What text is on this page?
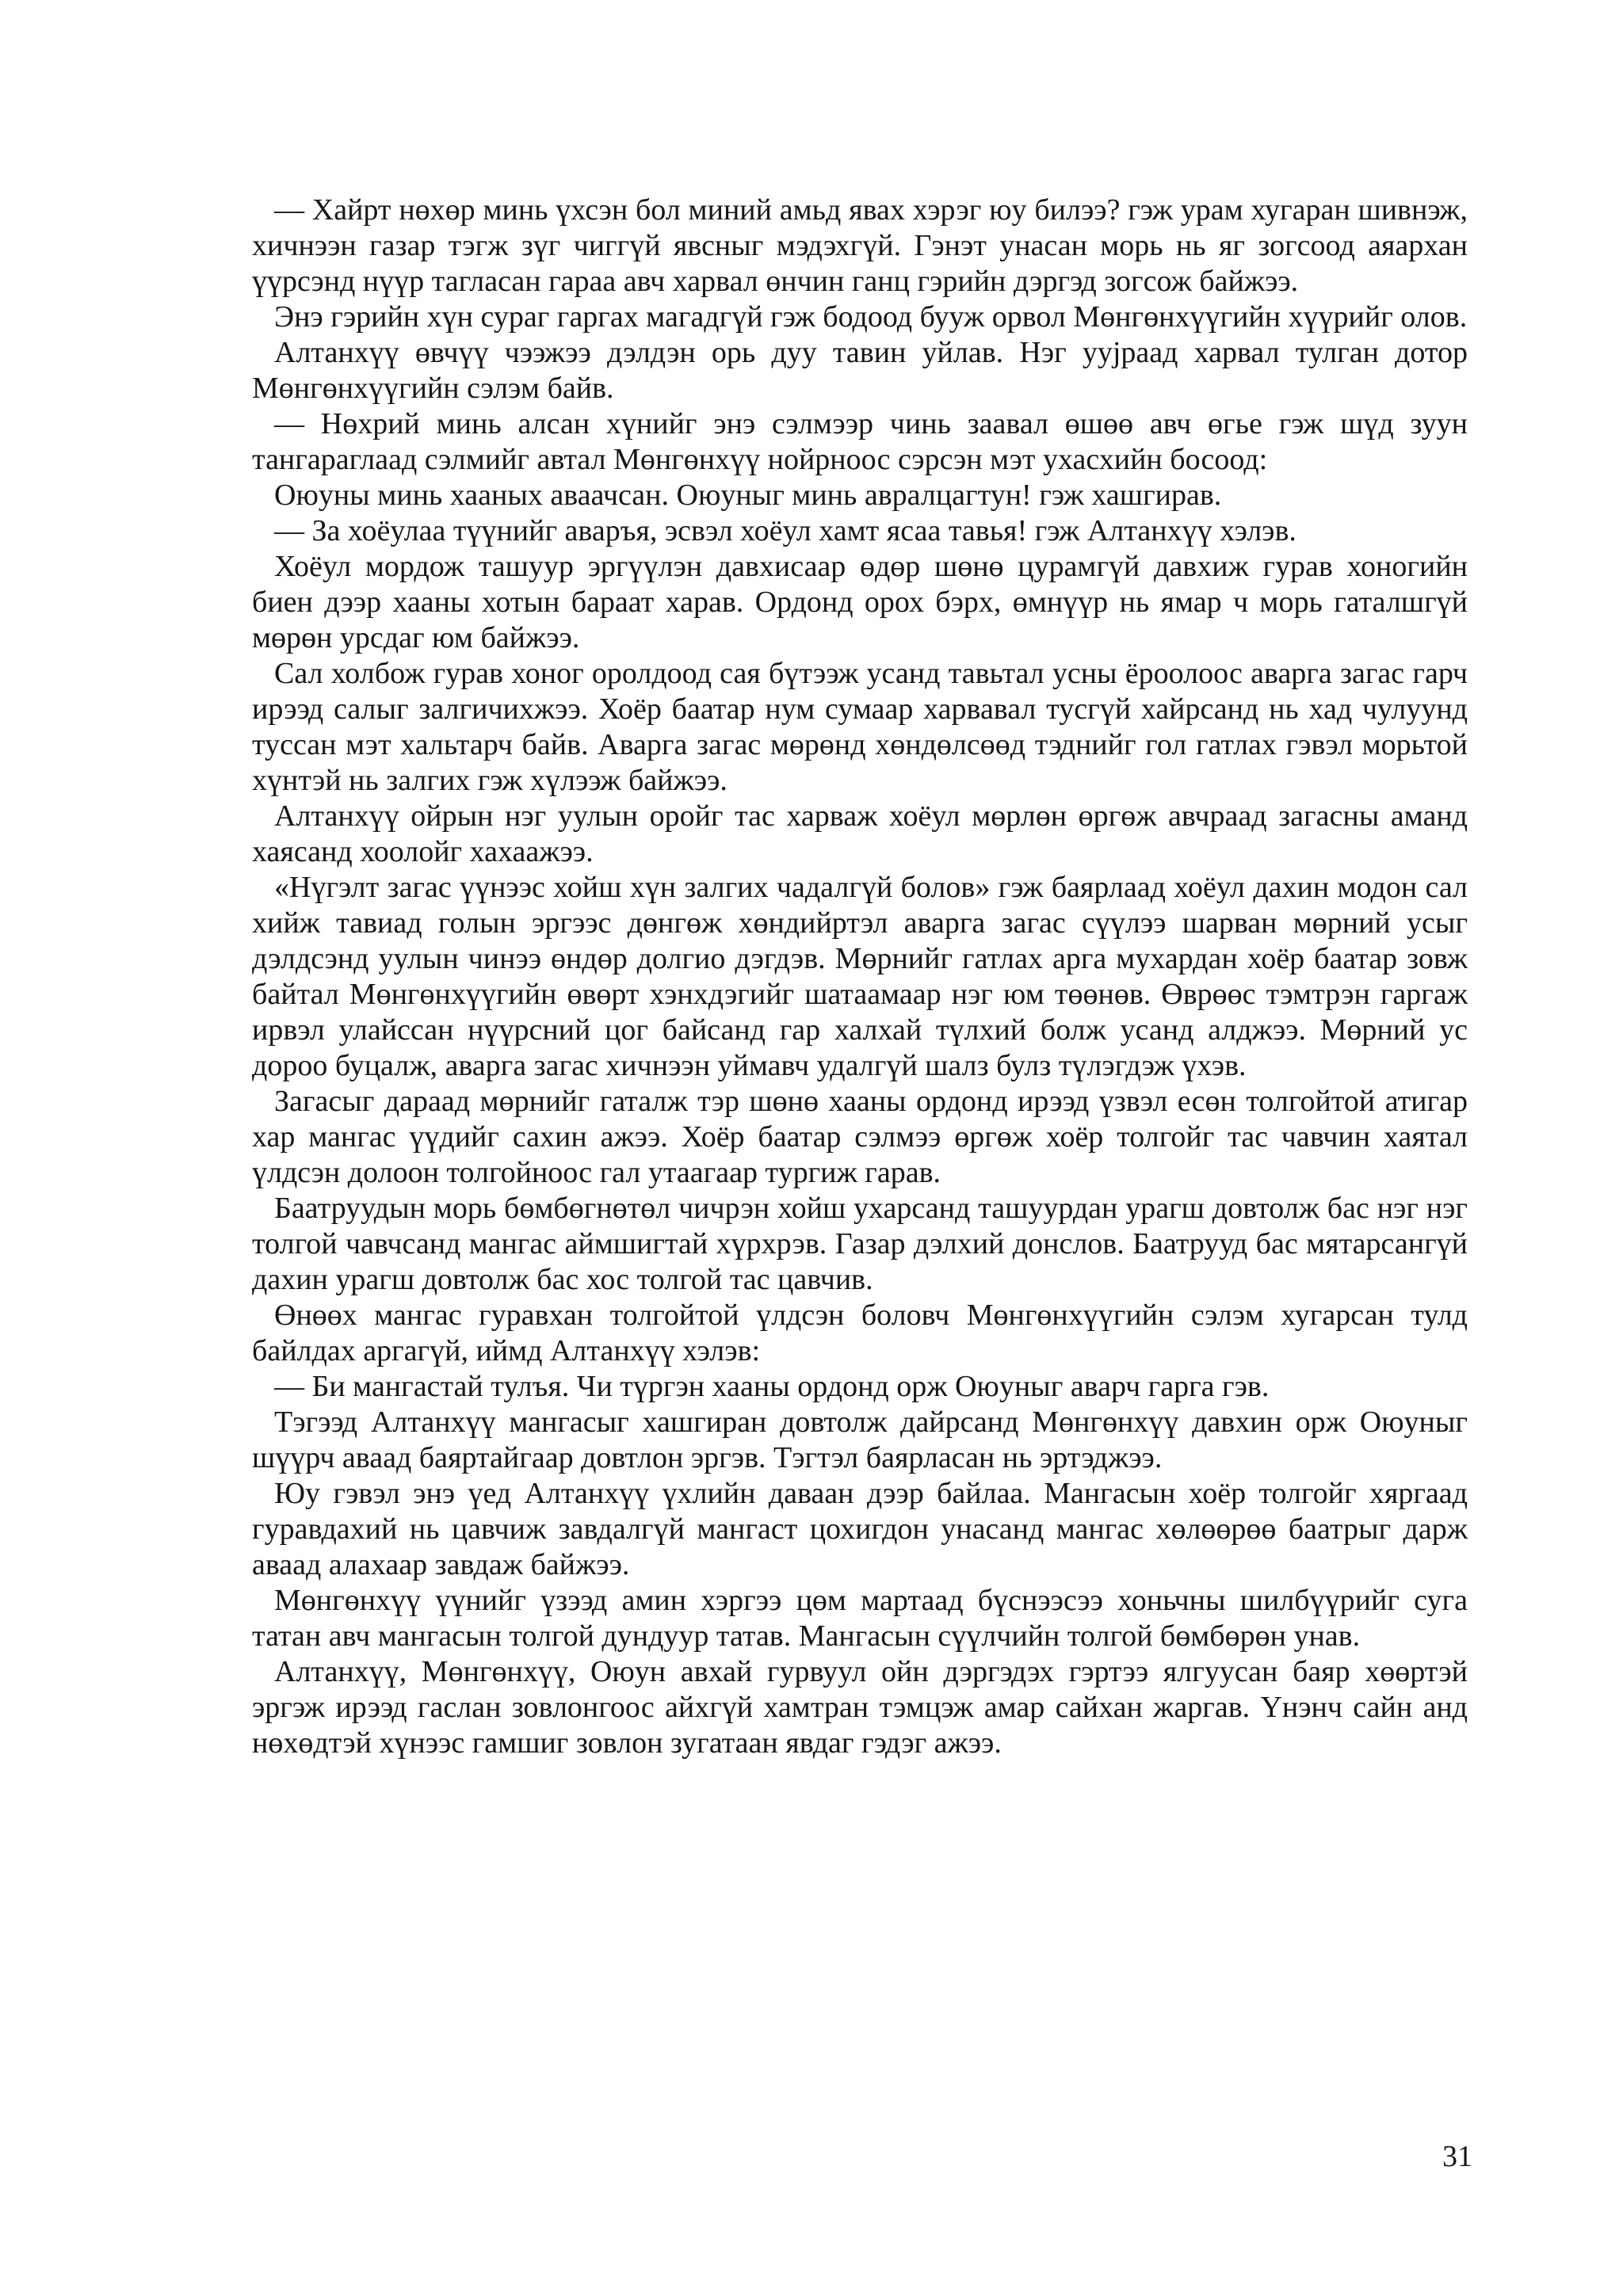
— Хайрт нөхөр минь үхсэн бол миний амьд явах хэрэг юу билээ? гэж урам хугаран шивнэж, хичнээн газар тэгж зүг чиггүй явсныг мэдэхгүй. Гэнэт унасан морь нь яг зогсоод аяархан үүрсэнд нүүр тагласан гараа авч харвал өнчин ганц гэрийн дэргэд зогсож байжээ.

Энэ гэрийн хүн сураг гаргах магадгүй гэж бодоод бууж орвол Мөнгөнхүүгийн хүүрийг олов.

Алтанхүү өвчүү чээжээ дэлдэн орь дуу тавин уйлав. Нэг ууjраад харвал тулган дотор Мөнгөнхүүгийн сэлэм байв.

— Нөхрий минь алсан хүнийг энэ сэлмээр чинь заавал өшөө авч өгье гэж шүд зуун тангараглаад сэлмийг автал Мөнгөнхүү нойрноос сэрсэн мэт ухасхийн босоод:

Оюуны минь хааных аваачсан. Оюуныг минь авралцагтун! гэж хашгирав.

— За хоёулаа түүнийг аваръя, эсвэл хоёул хамт ясаа тавья! гэж Алтанхүү хэлэв.

Хоёул мордож ташуур эргүүлэн давхисаар өдөр шөнө цурамгүй давхиж гурав хоногийн биен дээр хааны хотын бараат харав. Ордонд орох бэрх, өмнүүр нь ямар ч морь гаталшгүй мөрөн урсдаг юм байжээ.

Сал холбож гурав хоног оролдоод сая бүтээж усанд тавьтал усны ёроолоос аварга загас гарч ирээд салыг залгичихжээ. Хоёр баатар нум сумаар харвавал тусгүй хайрсанд нь хад чулуунд туссан мэт хальтарч байв. Аварга загас мөрөнд хөндөлсөөд тэднийг гол гатлах гэвэл морьтой хүнтэй нь залгих гэж хүлээж байжээ.

Алтанхүү ойрын нэг уулын оройг тас харваж хоёул мөрлөн өргөж авчраад загасны аманд хаясанд хоолойг хахаажээ.

«Нүгэлт загас үүнээс хойш хүн залгих чадалгүй болов» гэж баярлаад хоёул дахин модон сал хийж тавиад голын эргээс дөнгөж хөндийртэл аварга загас сүүлээ шарван мөрний усыг дэлдсэнд уулын чинээ өндөр долгио дэгдэв. Мөрнийг гатлах арга мухардан хоёр баатар зовж байтал Мөнгөнхүүгийн өвөрт хэнхдэгийг шатаамаар нэг юм төөнөв. Өврөөс тэмтрэн гаргаж ирвэл улайссан нүүрсний цог байсанд гар халхай түлхий болж усанд алджээ. Мөрний ус дороо буцалж, аварга загас хичнээн уймавч удалгүй шалз булз түлэгдэж үхэв.

Загасыг дараад мөрнийг гаталж тэр шөнө хааны ордонд ирээд үзвэл есөн толгойтой атигар хар мангас үүдийг сахин ажээ. Хоёр баатар сэлмээ өргөж хоёр толгойг тас чавчин хаятал үлдсэн долоон толгойноос гал утаагаар тургиж гарав.

Баатруудын морь бөмбөгнөтөл чичрэн хойш ухарсанд ташуурдан урагш довтолж бас нэг нэг толгой чавчсанд мангас аймшигтай хүрхрэв. Газар дэлхий донслов. Баатрууд бас мятарсангүй дахин урагш довтолж бас хос толгой тас цавчив.

Өнөөх мангас гуравхан толгойтой үлдсэн боловч Мөнгөнхүүгийн сэлэм хугарсан тулд байлдах аргагүй, иймд Алтанхүү хэлэв:

— Би мангастай тулъя. Чи түргэн хааны ордонд орж Оюуныг аварч гарга гэв.

Тэгээд Алтанхүү мангасыг хашгиран довтолж дайрсанд Мөнгөнхүү давхин орж Оюуныг шүүрч аваад баяртайгаар довтлон эргэв. Тэгтэл баярласан нь эртэджээ.

Юу гэвэл энэ үед Алтанхүү үхлийн даваан дээр байлаа. Мангасын хоёр толгойг хяргаад гуравдахий нь цавчиж завдалгүй мангаст цохигдон унасанд мангас хөлөөрөө баатрыг дарж аваад алахаар завдаж байжээ.

Мөнгөнхүү үүнийг үзээд амин хэргээ цөм мартаад бүснээсээ хоньчны шилбүүрийг суга татан авч мангасын толгой дундуур татав. Мангасын сүүлчийн толгой бөмбөрөн унав.

Алтанхүү, Мөнгөнхүү, Оюун авхай гурвуул ойн дэргэдэх гэртээ ялгуусан баяр хөөртэй эргэж ирээд гаслан зовлонгоос айхгүй хамтран тэмцэж амар сайхан жаргав. Үнэнч сайн анд нөхөдтэй хүнээс гамшиг зовлон зугатаан явдаг гэдэг ажээ.

31
